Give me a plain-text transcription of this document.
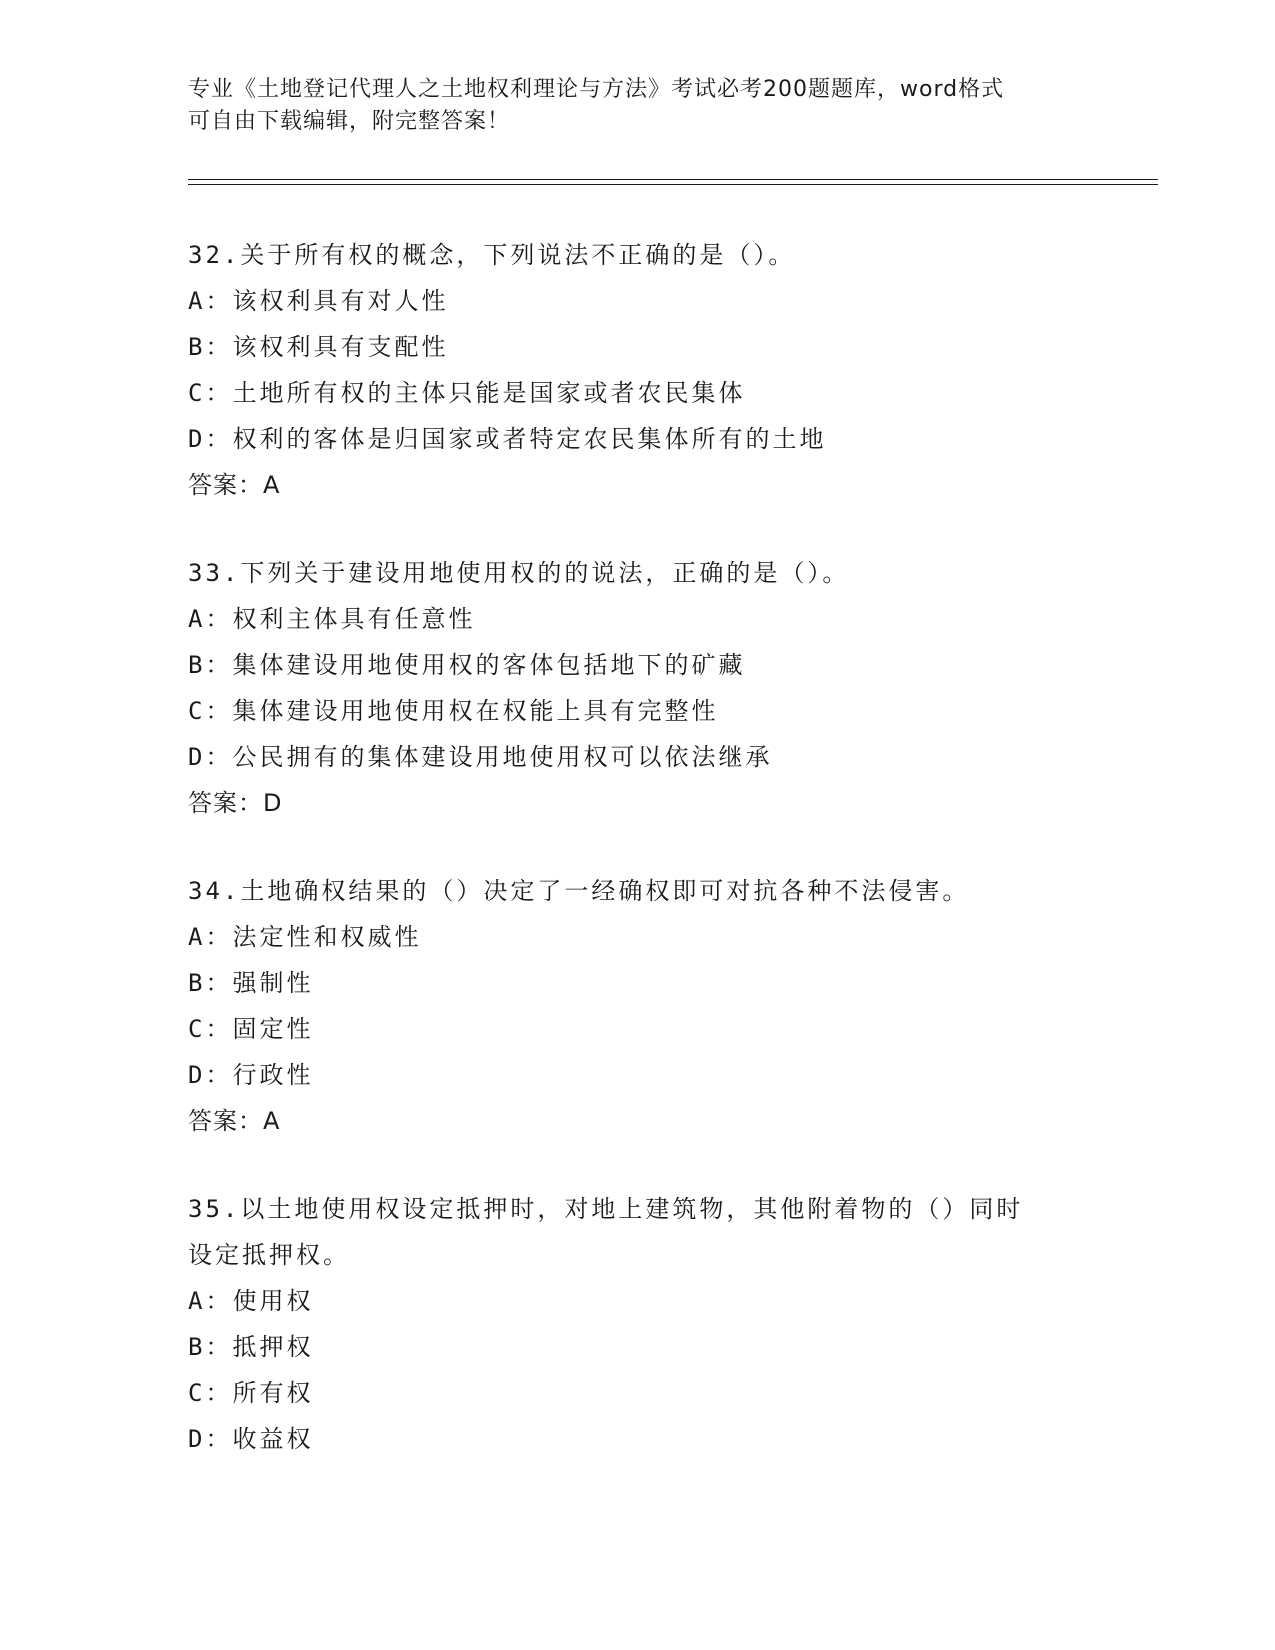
专业《土地登记代理人之土地权利理论与方法》考试必考200题题库，word格式
可自由下载编辑，附完整答案！

32.关于所有权的概念，下列说法不正确的是（）。

A：该权利具有对人性

B：该权利具有支配性

C：土地所有权的主体只能是国家或者农民集体

D：权利的客体是归国家或者特定农民集体所有的土地

答案：A

33.下列关于建设用地使用权的的说法，正确的是（）。

A：权利主体具有任意性

B：集体建设用地使用权的客体包括地下的矿藏

C：集体建设用地使用权在权能上具有完整性

D：公民拥有的集体建设用地使用权可以依法继承

答案：D

34.土地确权结果的（）决定了一经确权即可对抗各种不法侵害。

A：法定性和权威性

B：强制性

C：固定性

D：行政性

答案：A

35.以土地使用权设定抵押时，对地上建筑物，其他附着物的（）同时

设定抵押权。

A：使用权

B：抵押权

C：所有权

D：收益权
